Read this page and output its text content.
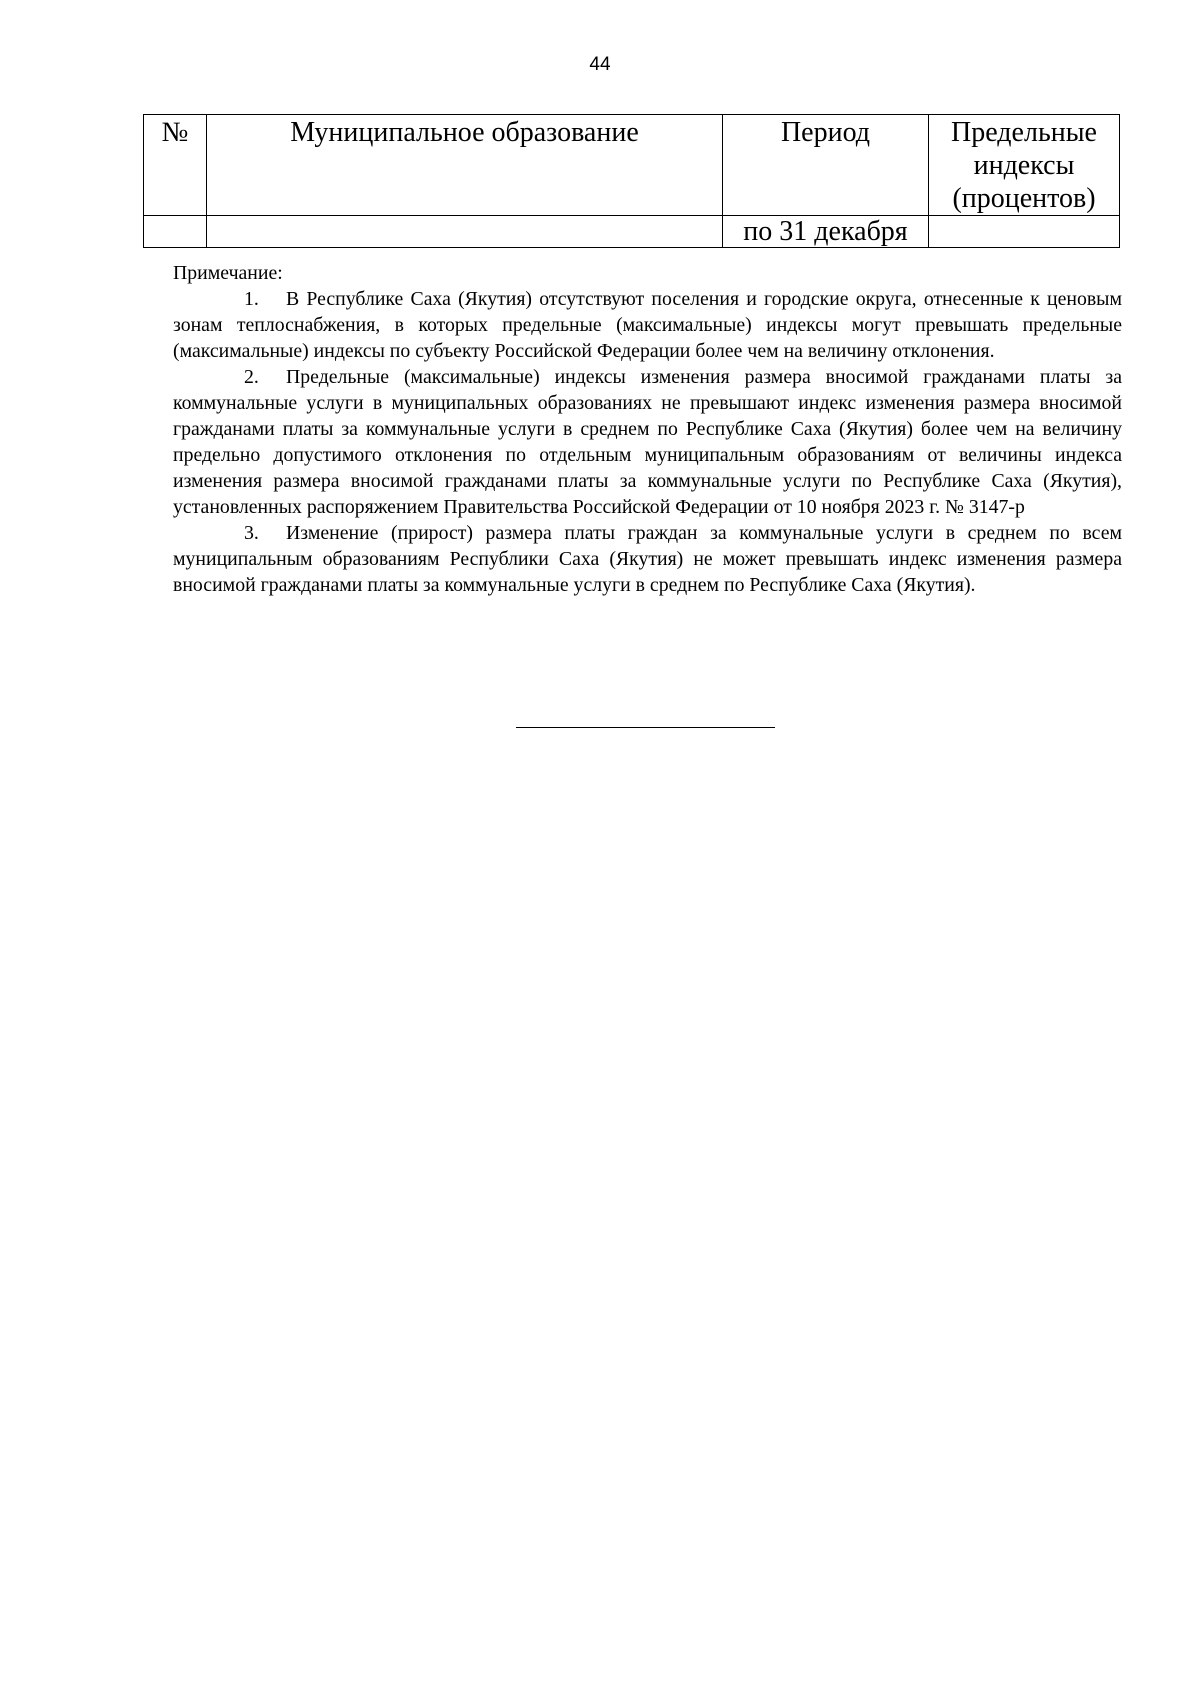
44
№	Муниципальное образование	Период	Предельные индексы (процентов)
		по 31 декабря	

Примечание:

1. В Республике Саха (Якутия) отсутствуют поселения и городские округа, отнесенные к ценовым зонам теплоснабжения, в которых предельные (максимальные) индексы могут превышать предельные (максимальные) индексы по субъекту Российской Федерации более чем на величину отклонения.

2. Предельные (максимальные) индексы изменения размера вносимой гражданами платы за коммунальные услуги в муниципальных образованиях не превышают индекс изменения размера вносимой гражданами платы за коммунальные услуги в среднем по Республике Саха (Якутия) более чем на величину предельно допустимого отклонения по отдельным муниципальным образованиям от величины индекса изменения размера вносимой гражданами платы за коммунальные услуги по Республике Саха (Якутия), установленных распоряжением Правительства Российской Федерации от 10 ноября 2023 г. № 3147-р

3. Изменение (прирост) размера платы граждан за коммунальные услуги в среднем по всем муниципальным образованиям Республики Саха (Якутия) не может превышать индекс изменения размера вносимой гражданами платы за коммунальные услуги в среднем по Республике Саха (Якутия).
